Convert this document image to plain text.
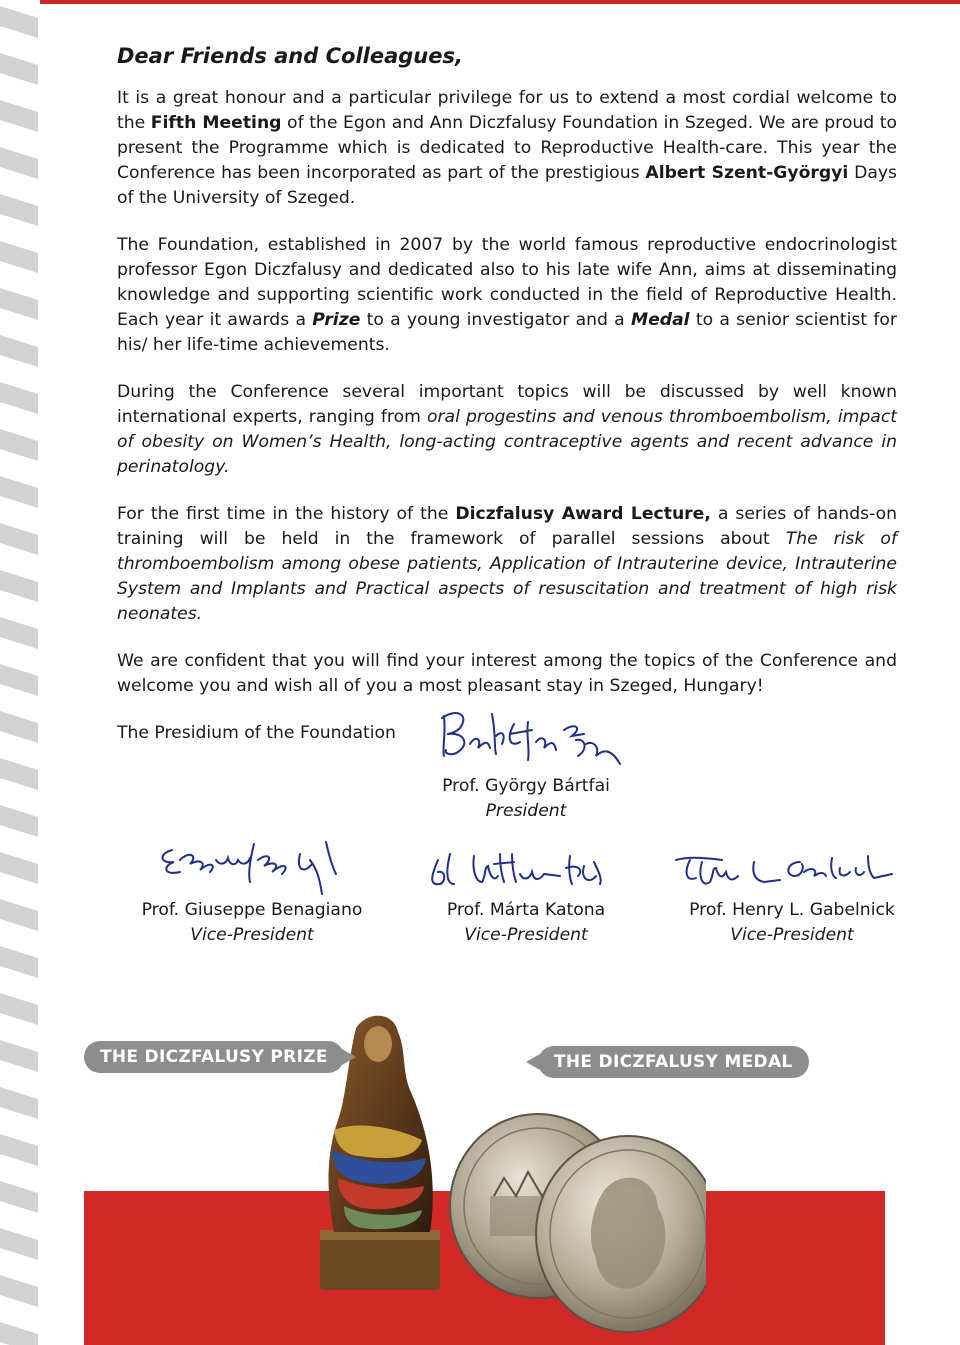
Dear Friends and Colleagues,

It is a great honour and a particular privilege for us to extend a most cordial welcome to the Fifth Meeting of the Egon and Ann Diczfalusy Foundation in Szeged. We are proud to present the Programme which is dedicated to Reproductive Health-care. This year the Conference has been incorporated as part of the prestigious Albert Szent-Györgyi Days of the University of Szeged.

The Foundation, established in 2007 by the world famous reproductive endocrinologist professor Egon Diczfalusy and dedicated also to his late wife Ann, aims at disseminating knowledge and supporting scientific work conducted in the field of Reproductive Health. Each year it awards a Prize to a young investigator and a Medal to a senior scientist for his/ her life-time achievements.

During the Conference several important topics will be discussed by well known international experts, ranging from oral progestins and venous thromboembolism, impact of obesity on Women’s Health, long-acting contraceptive agents and recent advance in perinatology.

For the first time in the history of the Diczfalusy Award Lecture, a series of hands-on training will be held in the framework of parallel sessions about The risk of thromboembolism among obese patients, Application of Intrauterine device, Intrauterine System and Implants and Practical aspects of resuscitation and treatment of high risk neonates.

We are confident that you will find your interest among the topics of the Conference and welcome you and wish all of you a most pleasant stay in Szeged, Hungary!

The Presidium of the Foundation

Prof. György Bártfai
President
Prof. Giuseppe Benagiano
Vice-President
Prof. Márta Katona
Vice-President
Prof. Henry L. Gabelnick
Vice-President
THE DICZFALUSY PRIZE	THE DICZFALUSY MEDAL
